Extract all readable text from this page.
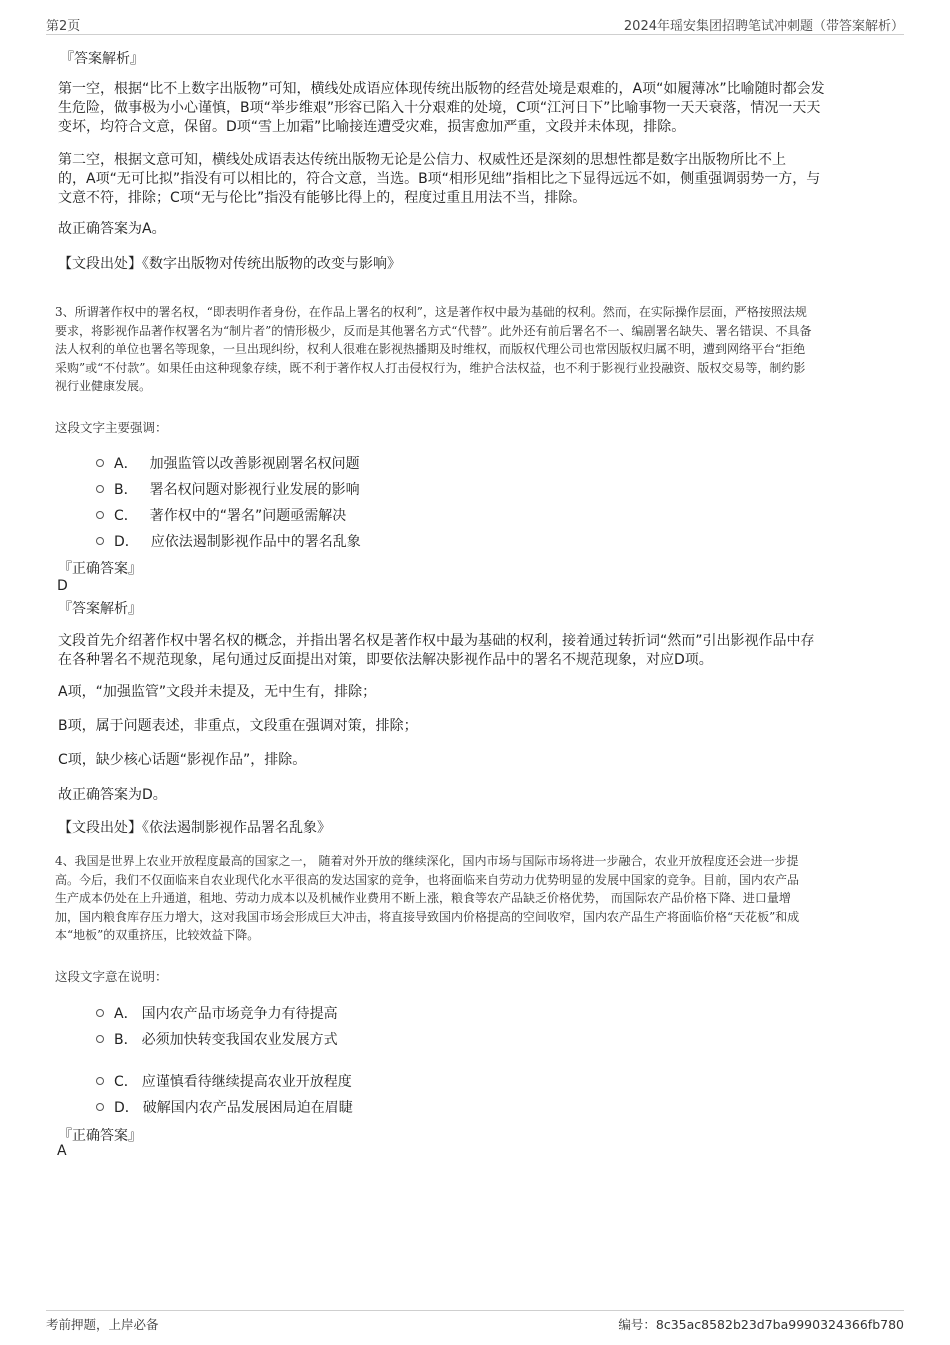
第2页	2024年瑶安集团招聘笔试冲刺题（带答案解析）
『答案解析』
第一空，根据“比不上数字出版物”可知，横线处成语应体现传统出版物的经营处境是艰难的，A项“如履薄冰”比喻随时都会发
生危险，做事极为小心谨慎，B项“举步维艰”形容已陷入十分艰难的处境，C项“江河日下”比喻事物一天天衰落，情况一天天
变坏，均符合文意，保留。D项“雪上加霜”比喻接连遭受灾难，损害愈加严重，文段并未体现，排除。
第二空，根据文意可知，横线处成语表达传统出版物无论是公信力、权威性还是深刻的思想性都是数字出版物所比不上
的，A项“无可比拟”指没有可以相比的，符合文意，当选。B项“相形见绌”指相比之下显得远远不如，侧重强调弱势一方，与
文意不符，排除；C项“无与伦比”指没有能够比得上的，程度过重且用法不当，排除。
故正确答案为A。
【文段出处】《数字出版物对传统出版物的改变与影响》
3、所谓著作权中的署名权，“即表明作者身份，在作品上署名的权利”，这是著作权中最为基础的权利。然而，在实际操作层面，严格按照法规
要求，将影视作品著作权署名为“制片者”的情形极少，反而是其他署名方式“代替”。此外还有前后署名不一、编剧署名缺失、署名错误、不具备
法人权利的单位也署名等现象，一旦出现纠纷，权利人很难在影视热播期及时维权，而版权代理公司也常因版权归属不明，遭到网络平台“拒绝
采购”或“不付款”。如果任由这种现象存续，既不利于著作权人打击侵权行为，维护合法权益，也不利于影视行业投融资、版权交易等，制约影
视行业健康发展。
这段文字主要强调：
A． 加强监管以改善影视剧署名权问题
B． 署名权问题对影视行业发展的影响
C． 著作权中的“署名”问题亟需解决
D． 应依法遏制影视作品中的署名乱象
『正确答案』
D
『答案解析』
文段首先介绍著作权中署名权的概念，并指出署名权是著作权中最为基础的权利，接着通过转折词“然而”引出影视作品中存
在各种署名不规范现象，尾句通过反面提出对策，即要依法解决影视作品中的署名不规范现象，对应D项。
A项，“加强监管”文段并未提及，无中生有，排除；
B项，属于问题表述，非重点，文段重在强调对策，排除；
C项，缺少核心话题“影视作品”，排除。
故正确答案为D。
【文段出处】《依法遏制影视作品署名乱象》
4、我国是世界上农业开放程度最高的国家之一， 随着对外开放的继续深化，国内市场与国际市场将进一步融合，农业开放程度还会进一步提
高。今后，我们不仅面临来自农业现代化水平很高的发达国家的竞争，也将面临来自劳动力优势明显的发展中国家的竞争。目前，国内农产品
生产成本仍处在上升通道，租地、劳动力成本以及机械作业费用不断上涨，粮食等农产品缺乏价格优势， 而国际农产品价格下降、进口量增
加，国内粮食库存压力增大，这对我国市场会形成巨大冲击，将直接导致国内价格提高的空间收窄，国内农产品生产将面临价格“天花板”和成
本“地板”的双重挤压，比较效益下降。
这段文字意在说明：
A． 国内农产品市场竞争力有待提高
B． 必须加快转变我国农业发展方式
C． 应谨慎看待继续提高农业开放程度
D． 破解国内农产品发展困局迫在眉睫
『正确答案』
A
考前押题，上岸必备	编号：8c35ac8582b23d7ba9990324366fb780
